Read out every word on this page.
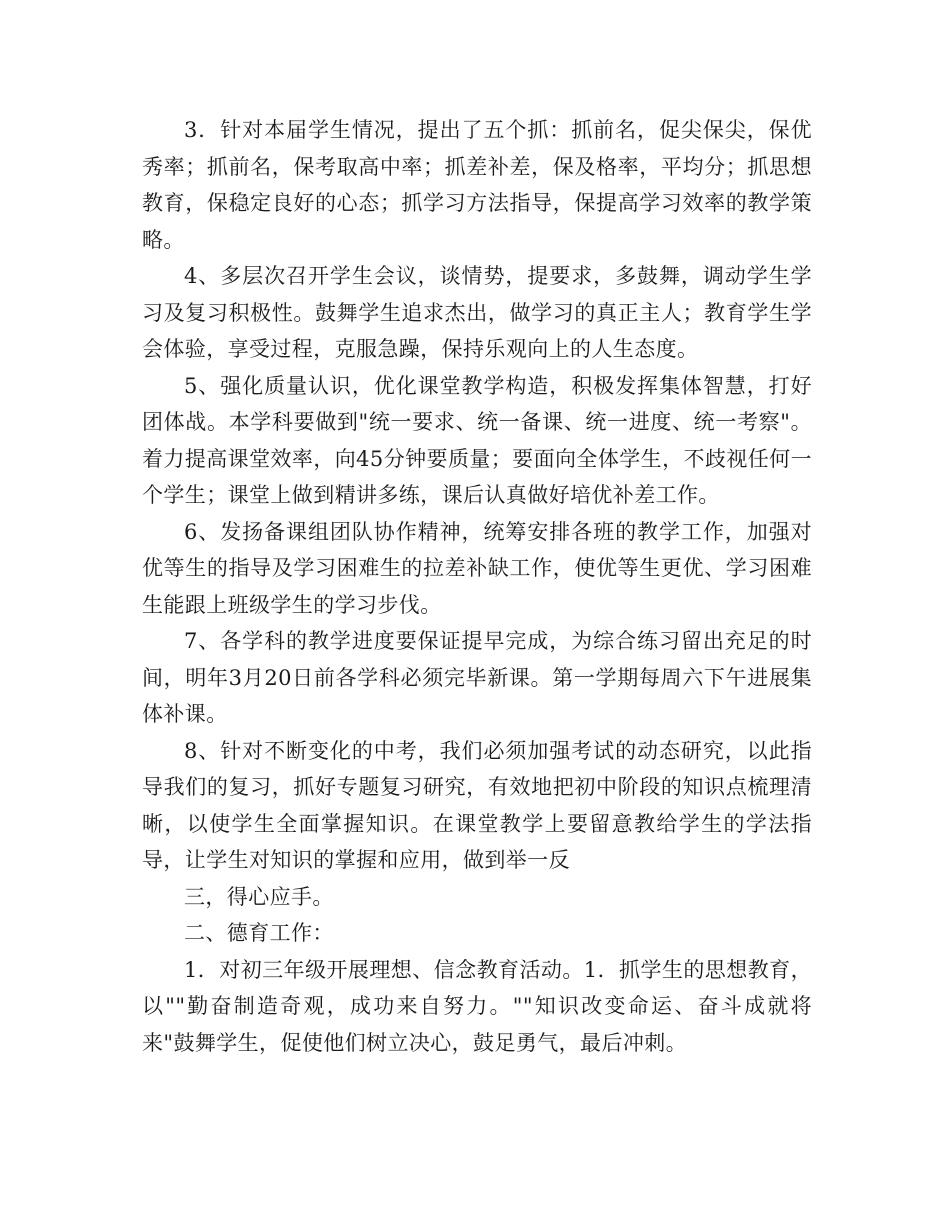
3．针对本届学生情况，提出了五个抓：抓前名，促尖保尖，保优秀率；抓前名，保考取高中率；抓差补差，保及格率，平均分；抓思想教育，保稳定良好的心态；抓学习方法指导，保提高学习效率的教学策略。

4、多层次召开学生会议，谈情势，提要求，多鼓舞，调动学生学习及复习积极性。鼓舞学生追求杰出，做学习的真正主人；教育学生学会体验，享受过程，克服急躁，保持乐观向上的人生态度。

5、强化质量认识，优化课堂教学构造，积极发挥集体智慧，打好团体战。本学科要做到"统一要求、统一备课、统一进度、统一考察"。着力提高课堂效率，向45分钟要质量；要面向全体学生，不歧视任何一个学生；课堂上做到精讲多练，课后认真做好培优补差工作。

6、发扬备课组团队协作精神，统筹安排各班的教学工作，加强对优等生的指导及学习困难生的拉差补缺工作，使优等生更优、学习困难生能跟上班级学生的学习步伐。

7、各学科的教学进度要保证提早完成，为综合练习留出充足的时间，明年3月20日前各学科必须完毕新课。第一学期每周六下午进展集体补课。

8、针对不断变化的中考，我们必须加强考试的动态研究，以此指导我们的复习，抓好专题复习研究，有效地把初中阶段的知识点梳理清晰，以使学生全面掌握知识。在课堂教学上要留意教给学生的学法指导，让学生对知识的掌握和应用，做到举一反

三，得心应手。

二、德育工作：

1．对初三年级开展理想、信念教育活动。1．抓学生的思想教育，以""勤奋制造奇观，成功来自努力。""知识改变命运、奋斗成就将来"鼓舞学生，促使他们树立决心，鼓足勇气，最后冲刺。
